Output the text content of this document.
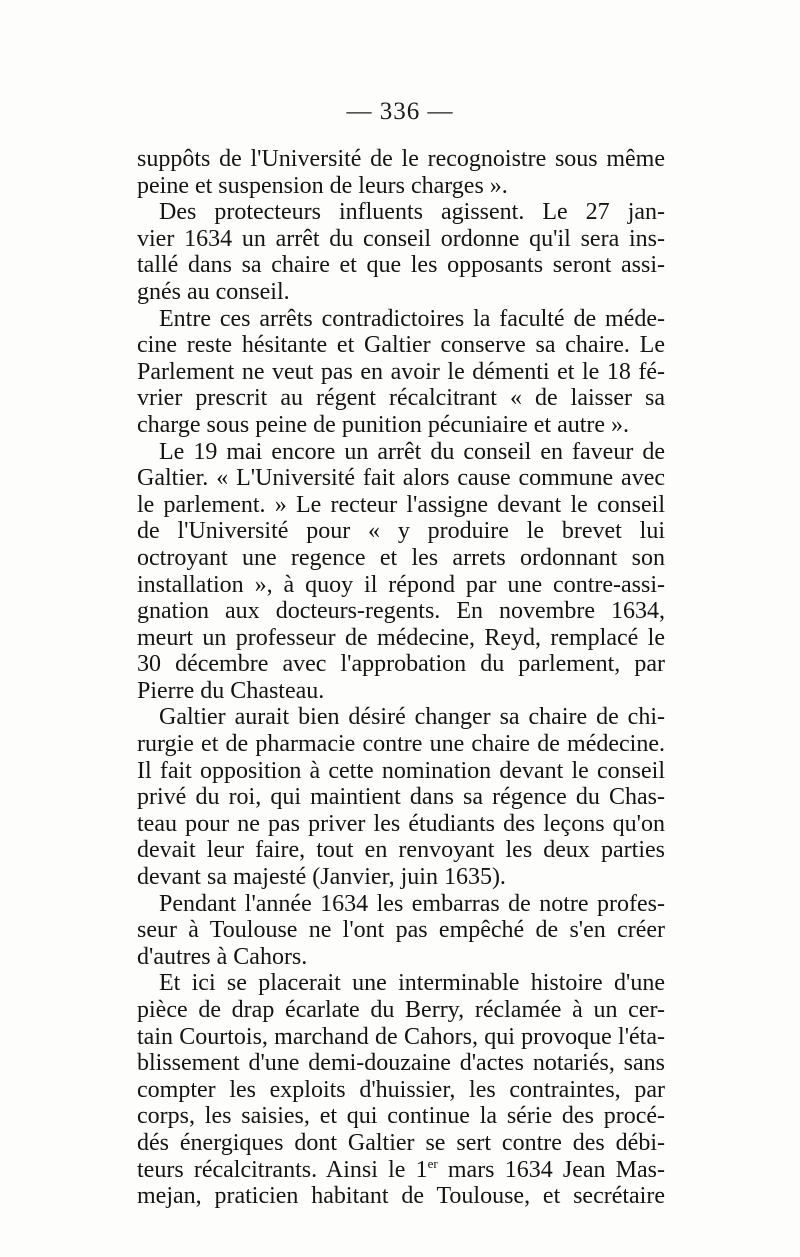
— 336 —
suppôts de l'Université de le recognoistre sous même
peine et suspension de leurs charges ».
Des protecteurs influents agissent. Le 27 jan-
vier 1634 un arrêt du conseil ordonne qu'il sera ins-
tallé dans sa chaire et que les opposants seront assi-
gnés au conseil.
Entre ces arrêts contradictoires la faculté de méde-
cine reste hésitante et Galtier conserve sa chaire. Le
Parlement ne veut pas en avoir le démenti et le 18 fé-
vrier prescrit au régent récalcitrant « de laisser sa
charge sous peine de punition pécuniaire et autre ».
Le 19 mai encore un arrêt du conseil en faveur de
Galtier. « L'Université fait alors cause commune avec
le parlement. » Le recteur l'assigne devant le conseil
de l'Université pour « y produire le brevet lui
octroyant une regence et les arrets ordonnant son
installation », à quoy il répond par une contre-assi-
gnation aux docteurs-regents. En novembre 1634,
meurt un professeur de médecine, Reyd, remplacé le
30 décembre avec l'approbation du parlement, par
Pierre du Chasteau.
Galtier aurait bien désiré changer sa chaire de chi-
rurgie et de pharmacie contre une chaire de médecine.
Il fait opposition à cette nomination devant le conseil
privé du roi, qui maintient dans sa régence du Chas-
teau pour ne pas priver les étudiants des leçons qu'on
devait leur faire, tout en renvoyant les deux parties
devant sa majesté (Janvier, juin 1635).
Pendant l'année 1634 les embarras de notre profes-
seur à Toulouse ne l'ont pas empêché de s'en créer
d'autres à Cahors.
Et ici se placerait une interminable histoire d'une
pièce de drap écarlate du Berry, réclamée à un cer-
tain Courtois, marchand de Cahors, qui provoque l'éta-
blissement d'une demi-douzaine d'actes notariés, sans
compter les exploits d'huissier, les contraintes, par
corps, les saisies, et qui continue la série des procé-
dés énergiques dont Galtier se sert contre des débi-
teurs récalcitrants. Ainsi le 1er mars 1634 Jean Mas-
mejan, praticien habitant de Toulouse, et secrétaire
